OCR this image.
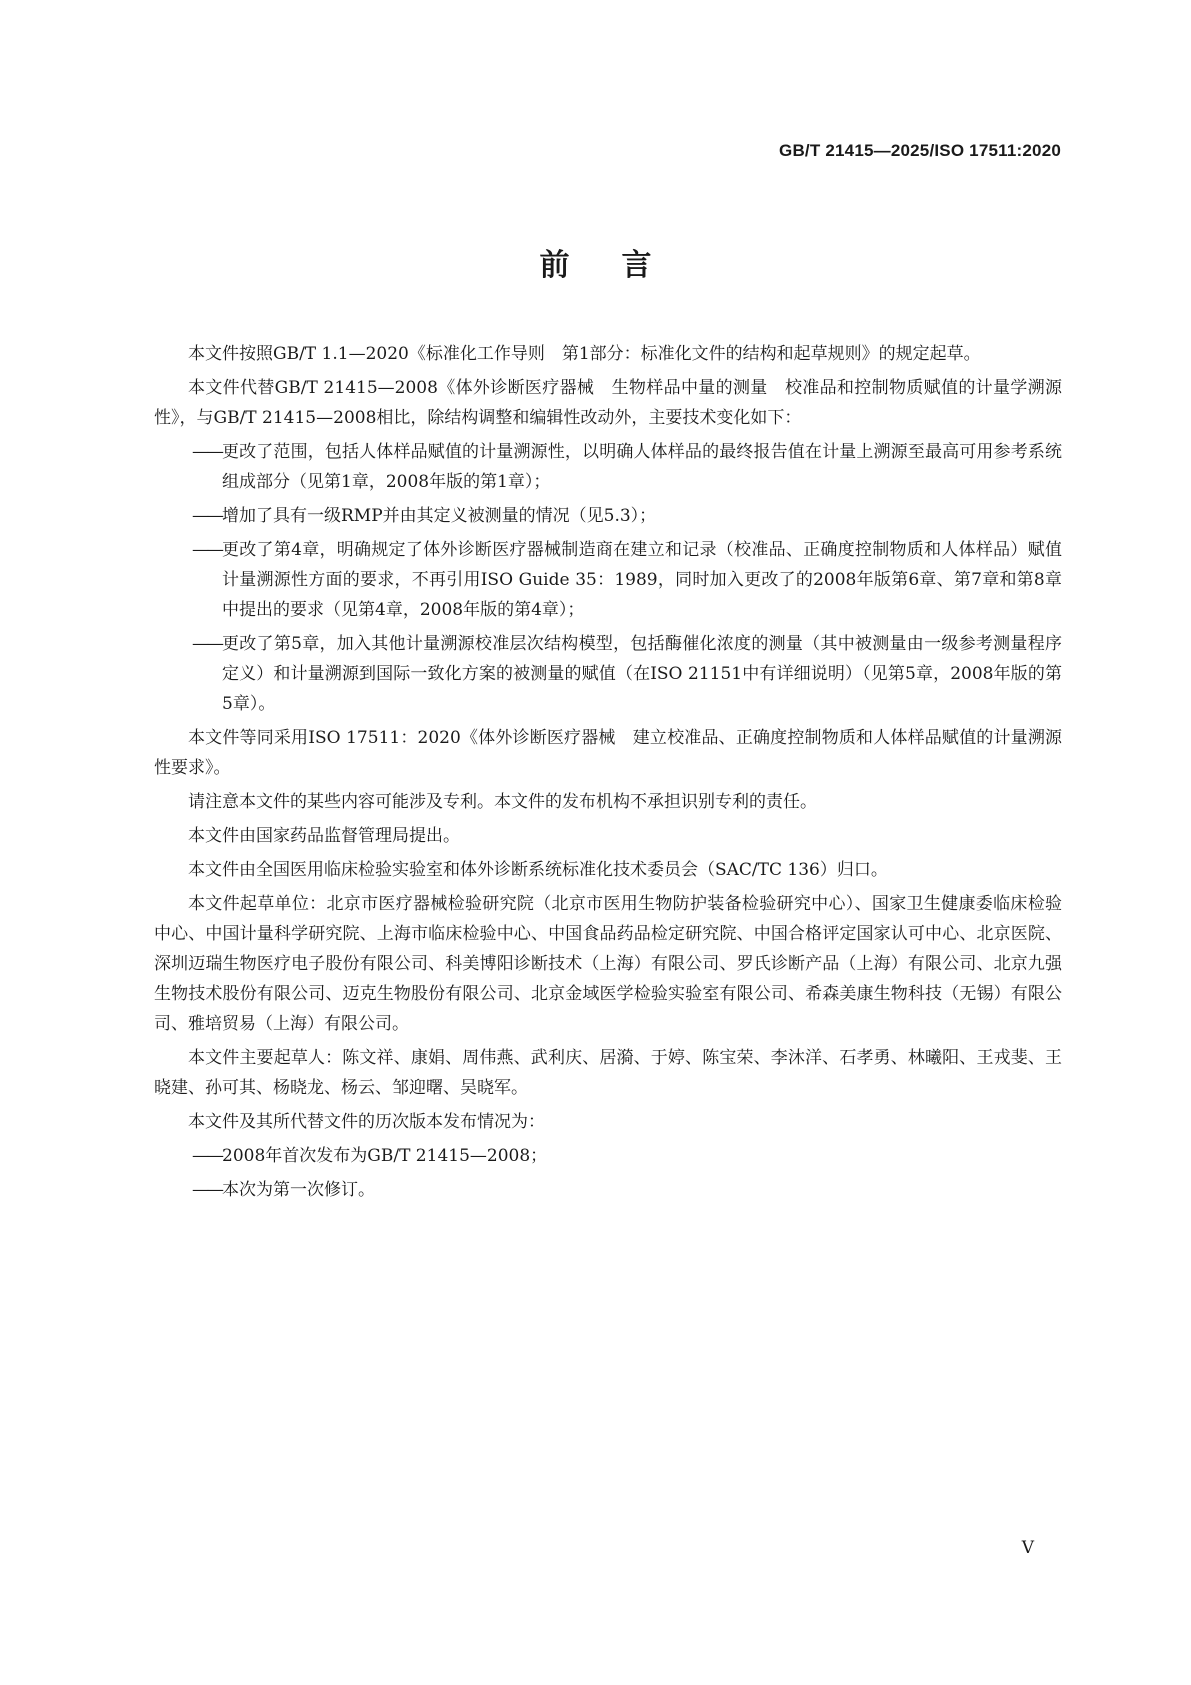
GB/T 21415—2025/ISO 17511:2020
前言

本文件按照GB/T 1.1—2020《标准化工作导则　第1部分：标准化文件的结构和起草规则》的规定起草。

本文件代替GB/T 21415—2008《体外诊断医疗器械　生物样品中量的测量　校准品和控制物质赋值的计量学溯源性》，与GB/T 21415—2008相比，除结构调整和编辑性改动外，主要技术变化如下：

—— 更改了范围，包括人体样品赋值的计量溯源性，以明确人体样品的最终报告值在计量上溯源至最高可用参考系统组成部分（见第1章，2008年版的第1章）；

—— 增加了具有一级RMP并由其定义被测量的情况（见5.3）；

—— 更改了第4章，明确规定了体外诊断医疗器械制造商在建立和记录（校准品、正确度控制物质和人体样品）赋值计量溯源性方面的要求，不再引用ISO Guide 35：1989，同时加入更改了的2008年版第6章、第7章和第8章中提出的要求（见第4章，2008年版的第4章）；

—— 更改了第5章，加入其他计量溯源校准层次结构模型，包括酶催化浓度的测量（其中被测量由一级参考测量程序定义）和计量溯源到国际一致化方案的被测量的赋值（在ISO 21151中有详细说明）（见第5章，2008年版的第5章）。

本文件等同采用ISO 17511：2020《体外诊断医疗器械　建立校准品、正确度控制物质和人体样品赋值的计量溯源性要求》。

请注意本文件的某些内容可能涉及专利。本文件的发布机构不承担识别专利的责任。

本文件由国家药品监督管理局提出。

本文件由全国医用临床检验实验室和体外诊断系统标准化技术委员会（SAC/TC 136）归口。

本文件起草单位：北京市医疗器械检验研究院（北京市医用生物防护装备检验研究中心）、国家卫生健康委临床检验中心、中国计量科学研究院、上海市临床检验中心、中国食品药品检定研究院、中国合格评定国家认可中心、北京医院、深圳迈瑞生物医疗电子股份有限公司、科美博阳诊断技术（上海）有限公司、罗氏诊断产品（上海）有限公司、北京九强生物技术股份有限公司、迈克生物股份有限公司、北京金域医学检验实验室有限公司、希森美康生物科技（无锡）有限公司、雅培贸易（上海）有限公司。

本文件主要起草人：陈文祥、康娟、周伟燕、武利庆、居漪、于婷、陈宝荣、李沐洋、石孝勇、林曦阳、王戎斐、王晓建、孙可其、杨晓龙、杨云、邹迎曙、吴晓军。

本文件及其所代替文件的历次版本发布情况为：

—— 2008年首次发布为GB/T 21415—2008；

—— 本次为第一次修订。

V
